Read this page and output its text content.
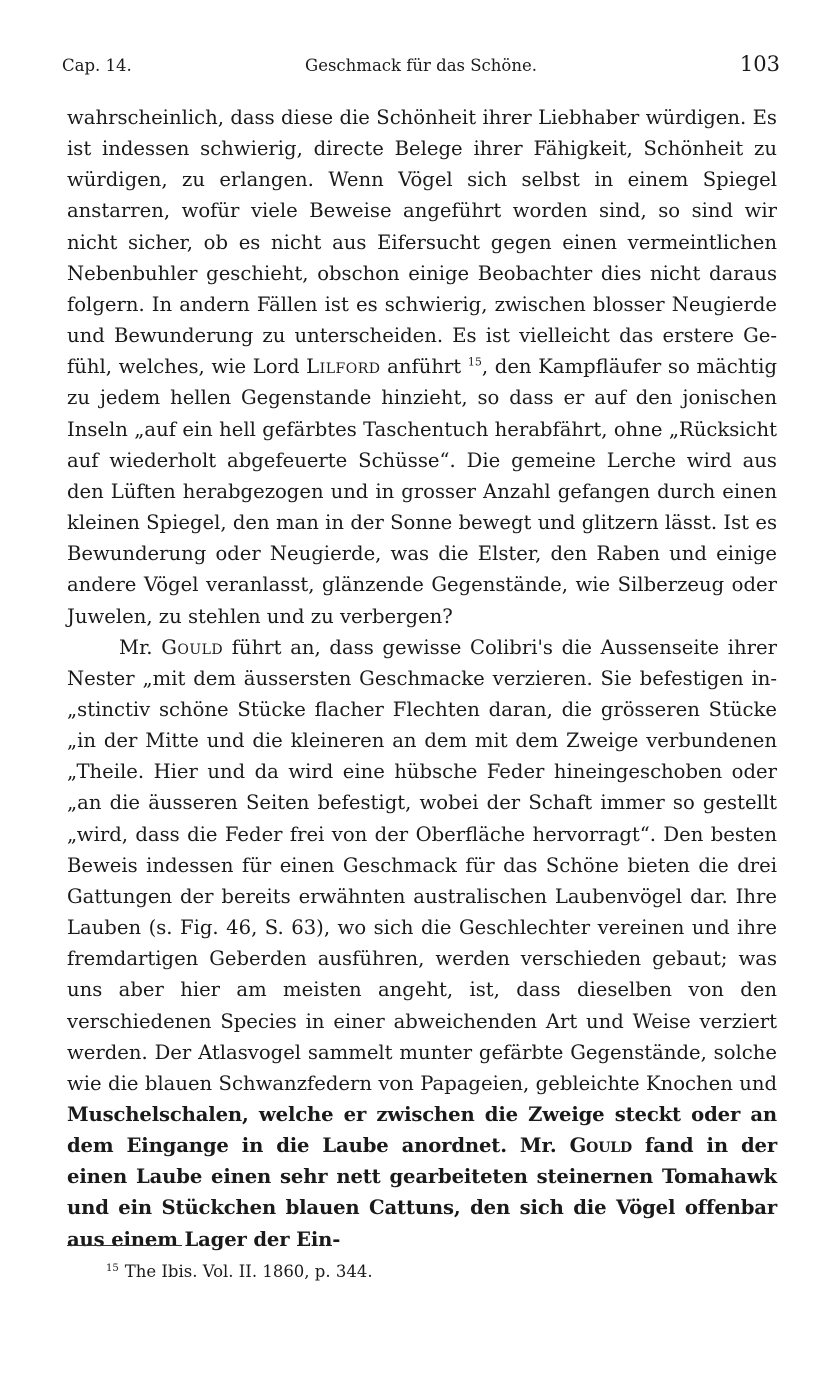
Cap. 14.	Geschmack für das Schöne.	103

wahrscheinlich, dass diese die Schönheit ihrer Liebhaber würdigen. Es ist indessen schwierig, directe Belege ihrer Fähigkeit, Schönheit zu würdigen, zu erlangen. Wenn Vögel sich selbst in einem Spiegel anstarren, wofür viele Beweise angeführt worden sind, so sind wir nicht sicher, ob es nicht aus Eifersucht gegen einen vermeintlichen Nebenbuhler geschieht, obschon einige Beobachter dies nicht daraus folgern. In andern Fällen ist es schwierig, zwischen blosser Neugierde und Bewunderung zu unterscheiden. Es ist vielleicht das erstere Gefühl, welches, wie Lord Lilford anführt $^{15}$, den Kampfläufer so mächtig zu jedem hellen Gegenstande hinzieht, so dass er auf den jonischen Inseln „auf ein hell gefärbtes Taschentuch herabfährt, ohne „Rücksicht auf wiederholt abgefeuerte Schüsse“. Die gemeine Lerche wird aus den Lüften herabgezogen und in grosser Anzahl gefangen durch einen kleinen Spiegel, den man in der Sonne bewegt und glitzern lässt. Ist es Bewunderung oder Neugierde, was die Elster, den Raben und einige andere Vögel veranlasst, glänzende Gegenstände, wie Silberzeug oder Juwelen, zu stehlen und zu verbergen?

Mr. Gould führt an, dass gewisse Colibri's die Aussenseite ihrer Nester „mit dem äussersten Geschmacke verzieren. Sie befestigen in„stinctiv schöne Stücke flacher Flechten daran, die grösseren Stücke „in der Mitte und die kleineren an dem mit dem Zweige verbundenen „Theile. Hier und da wird eine hübsche Feder hineingeschoben oder „an die äusseren Seiten befestigt, wobei der Schaft immer so gestellt „wird, dass die Feder frei von der Oberfläche hervorragt“. Den besten Beweis indessen für einen Geschmack für das Schöne bieten die drei Gattungen der bereits erwähnten australischen Laubenvögel dar. Ihre Lauben (s. Fig. 46, S. 63), wo sich die Geschlechter vereinen und ihre fremdartigen Geberden ausführen, werden verschieden gebaut; was uns aber hier am meisten angeht, ist, dass dieselben von den verschiedenen Species in einer abweichenden Art und Weise verziert werden. Der Atlasvogel sammelt munter gefärbte Gegenstände, solche wie die blauen Schwanzfedern von Papageien, gebleichte Knochen und Muschelschalen, welche er zwischen die Zweige steckt oder an dem Eingange in die Laube anordnet. Mr. Gould fand in der einen Laube einen sehr nett gearbeiteten steinernen Tomahawk und ein Stückchen blauen Cattuns, den sich die Vögel offenbar aus einem Lager der Ein-

$^{15}$ The Ibis. Vol. II. 1860, p. 344.
